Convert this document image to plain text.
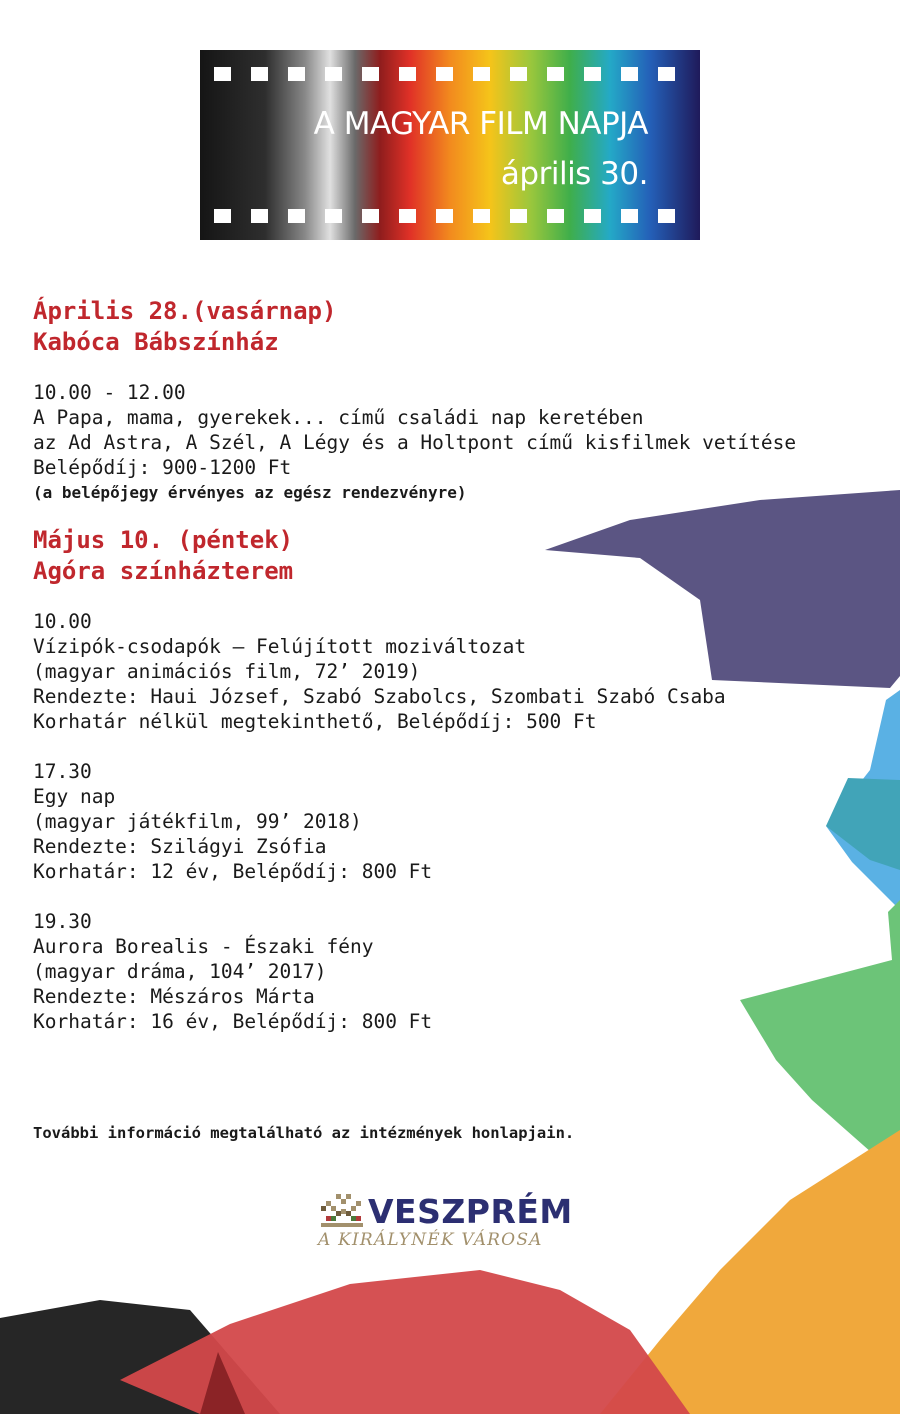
A MAGYAR FILM NAPJA
április 30.

Április 28.(vasárnap)

Kabóca Bábszínház

10.00 - 12.00

A Papa, mama, gyerekek... című családi nap keretében

az Ad Astra, A Szél, A Légy és a Holtpont című kisfilmek vetítése

Belépődíj: 900-1200 Ft

(a belépőjegy érvényes az egész rendezvényre)

Május 10. (péntek)

Agóra színházterem

10.00

Vízipók-csodapók – Felújított moziváltozat

(magyar animációs film, 72’ 2019)

Rendezte: Haui József, Szabó Szabolcs, Szombati Szabó Csaba

Korhatár nélkül megtekinthető, Belépődíj: 500 Ft

17.30

Egy nap

(magyar játékfilm, 99’ 2018)

Rendezte: Szilágyi Zsófia

Korhatár: 12 év, Belépődíj: 800 Ft

19.30

Aurora Borealis - Északi fény

(magyar dráma, 104’ 2017)

Rendezte: Mészáros Márta

Korhatár: 16 év, Belépődíj: 800 Ft

További információ megtalálható az intézmények honlapjain.
VESZPRÉM
A KIRÁLYNÉK VÁROSA
